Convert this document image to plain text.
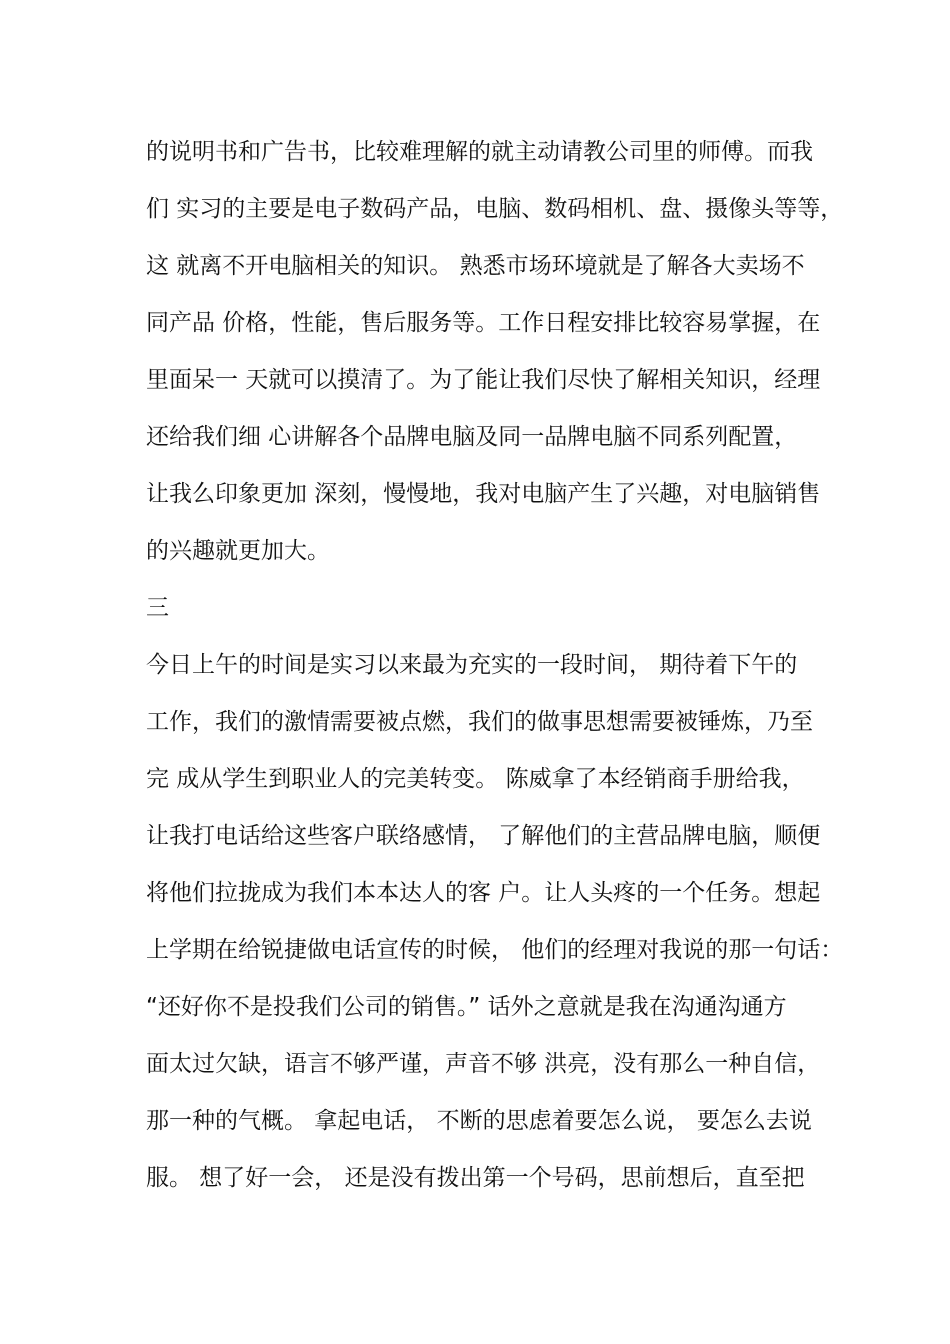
的说明书和广告书，比较难理解的就主动请教公司里的师傅。而我
们 实习的主要是电子数码产品，电脑、数码相机、盘、摄像头等等，
这 就离不开电脑相关的知识。 熟悉市场环境就是了解各大卖场不
同产品 价格，性能，售后服务等。工作日程安排比较容易掌握，在
里面呆一 天就可以摸清了。为了能让我们尽快了解相关知识，经理
还给我们细 心讲解各个品牌电脑及同一品牌电脑不同系列配置，
让我么印象更加 深刻，慢慢地，我对电脑产生了兴趣，对电脑销售
的兴趣就更加大。
三
今日上午的时间是实习以来最为充实的一段时间， 期待着下午的
工作，我们的激情需要被点燃，我们的做事思想需要被锤炼，乃至
完 成从学生到职业人的完美转变。 陈威拿了本经销商手册给我，
让我打电话给这些客户联络感情， 了解他们的主营品牌电脑，顺便
将他们拉拢成为我们本本达人的客 户。让人头疼的一个任务。想起
上学期在给锐捷做电话宣传的时候， 他们的经理对我说的那一句话：
“还好你不是投我们公司的销售。” 话外之意就是我在沟通沟通方
面太过欠缺，语言不够严谨，声音不够 洪亮，没有那么一种自信，
那一种的气概。 拿起电话， 不断的思虑着要怎么说， 要怎么去说
服。 想了好一会， 还是没有拨出第一个号码，思前想后，直至把
